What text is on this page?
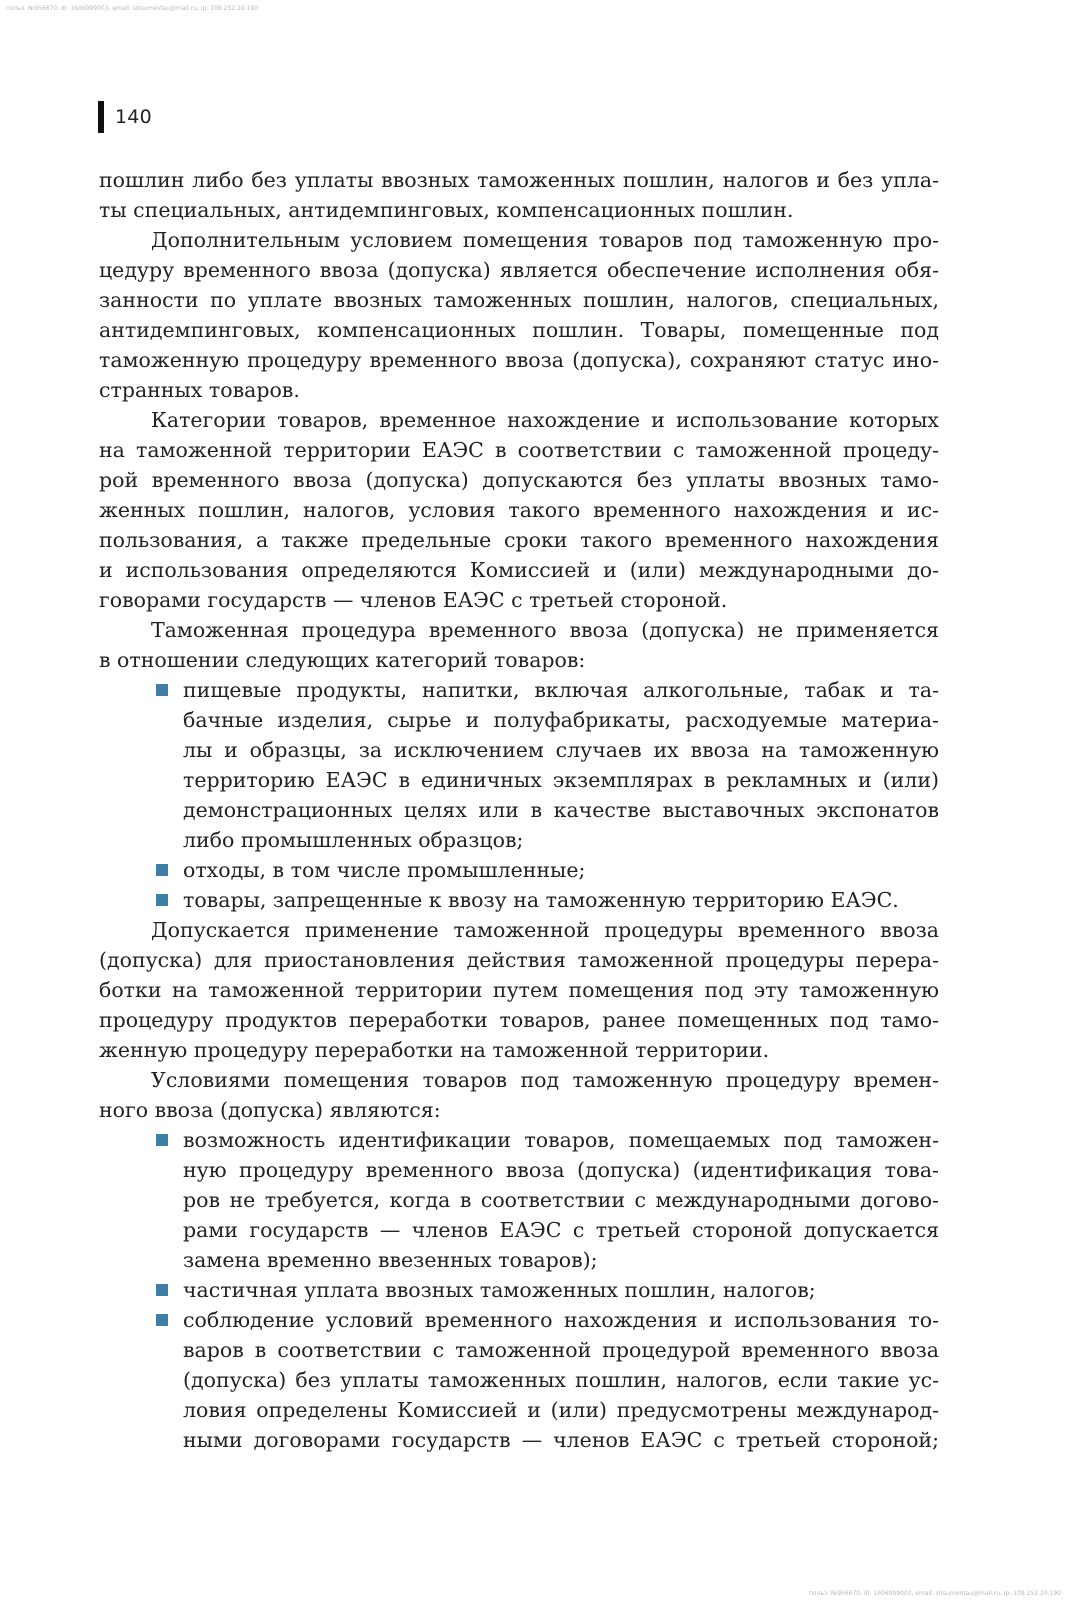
польз. №956670, dl: 1606999003, email: sitsumentau@mail.ru, ip: 109.252.20.190
140
пошлин либо без уплаты ввозных таможенных пошлин, налогов и без упла-
ты специальных, антидемпинговых, компенсационных пошлин.
Дополнительным условием помещения товаров под таможенную про-
цедуру временного ввоза (допуска) является обеспечение исполнения обя-
занности по уплате ввозных таможенных пошлин, налогов, специальных,
антидемпинговых, компенсационных пошлин. Товары, помещенные под
таможенную процедуру временного ввоза (допуска), сохраняют статус ино-
странных товаров.
Категории товаров, временное нахождение и использование которых
на таможенной территории ЕАЭС в соответствии с таможенной процеду-
рой временного ввоза (допуска) допускаются без уплаты ввозных тамо-
женных пошлин, налогов, условия такого временного нахождения и ис-
пользования, а также предельные сроки такого временного нахождения
и использования определяются Комиссией и (или) международными до-
говорами государств — членов ЕАЭС с третьей стороной.
Таможенная процедура временного ввоза (допуска) не применяется
в отношении следующих категорий товаров:
пищевые продукты, напитки, включая алкогольные, табак и та-
бачные изделия, сырье и полуфабрикаты, расходуемые материа-
лы и образцы, за исключением случаев их ввоза на таможенную
территорию ЕАЭС в единичных экземплярах в рекламных и (или)
демонстрационных целях или в качестве выставочных экспонатов
либо промышленных образцов;
отходы, в том числе промышленные;
товары, запрещенные к ввозу на таможенную территорию ЕАЭС.
Допускается применение таможенной процедуры временного ввоза
(допуска) для приостановления действия таможенной процедуры перера-
ботки на таможенной территории путем помещения под эту таможенную
процедуру продуктов переработки товаров, ранее помещенных под тамо-
женную процедуру переработки на таможенной территории.
Условиями помещения товаров под таможенную процедуру времен-
ного ввоза (допуска) являются:
возможность идентификации товаров, помещаемых под таможен-
ную процедуру временного ввоза (допуска) (идентификация това-
ров не требуется, когда в соответствии с международными догово-
рами государств — членов ЕАЭС с третьей стороной допускается
замена временно ввезенных товаров);
частичная уплата ввозных таможенных пошлин, налогов;
соблюдение условий временного нахождения и использования то-
варов в соответствии с таможенной процедурой временного ввоза
(допуска) без уплаты таможенных пошлин, налогов, если такие ус-
ловия определены Комиссией и (или) предусмотрены международ-
ными договорами государств — членов ЕАЭС с третьей стороной;
польз. №956670, dl: 1606999003, email: sitsumentau@mail.ru, ip: 109.252.20.190
